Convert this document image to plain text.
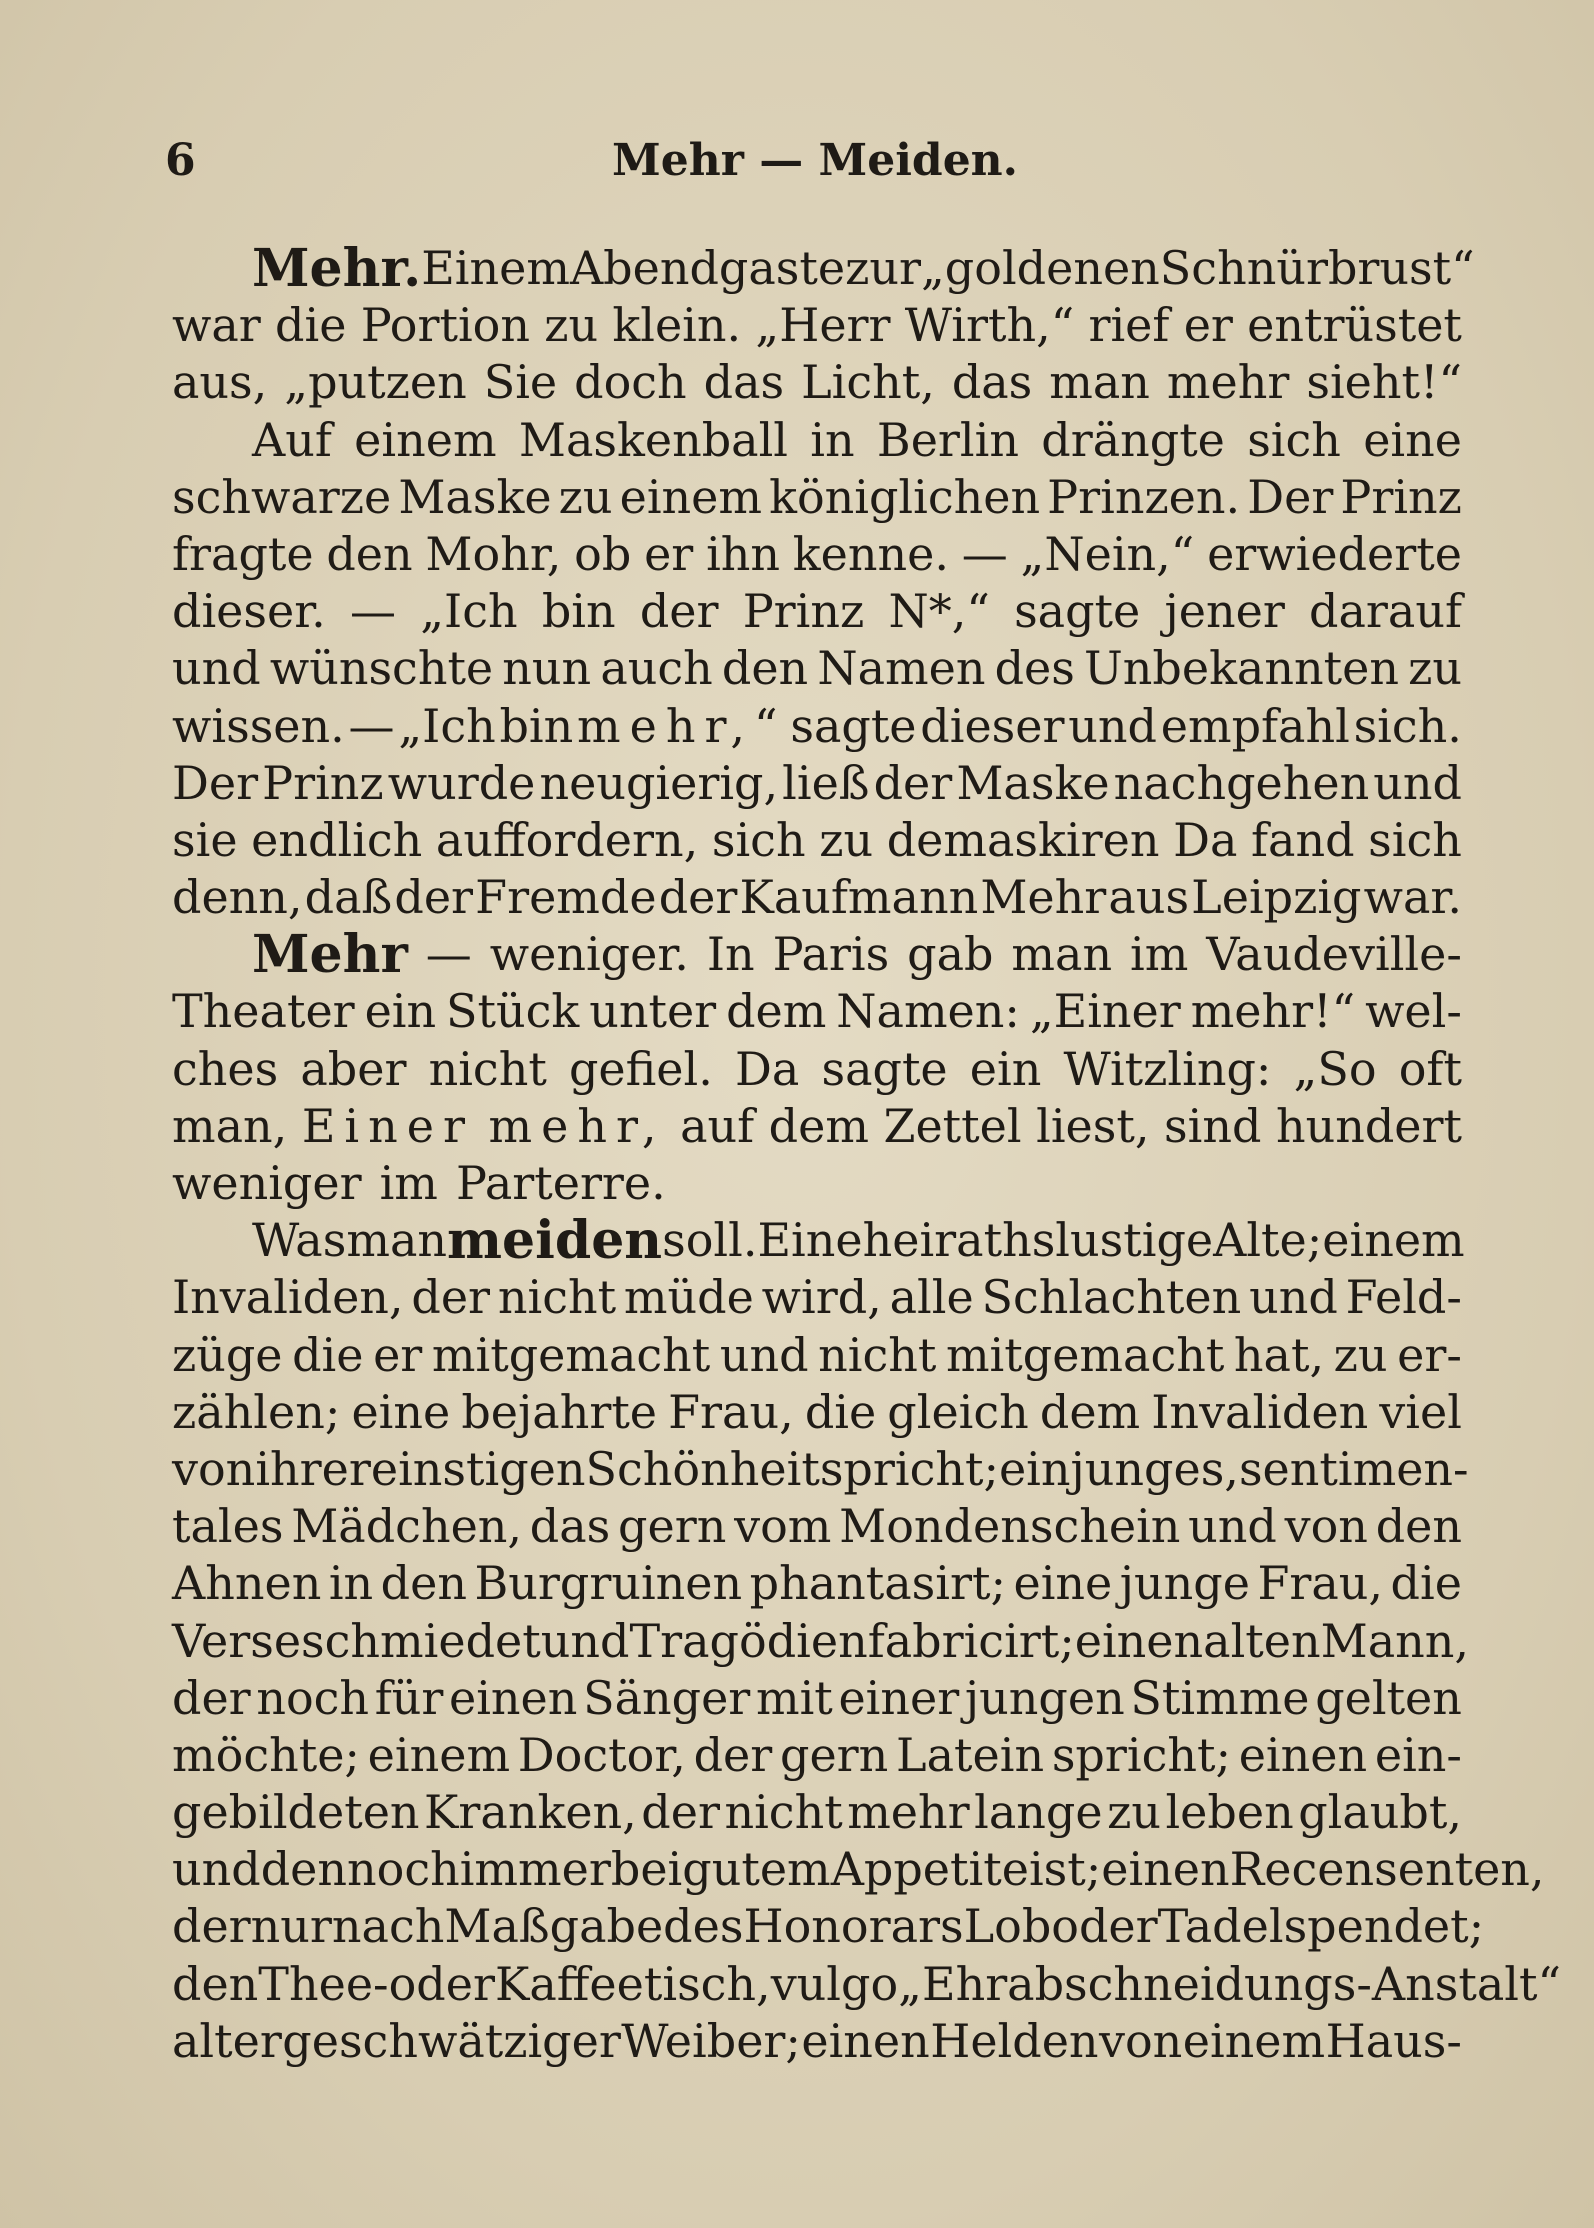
6	Mehr — Meiden.
Mehr. Einem Abendgaste zur „goldenen Schnürbrust“
war die Portion zu klein. „Herr Wirth,“ rief er entrüstet
aus, „putzen Sie doch das Licht, das man mehr sieht!“
Auf einem Maskenball in Berlin drängte sich eine
schwarze Maske zu einem königlichen Prinzen. Der Prinz
fragte den Mohr, ob er ihn kenne. — „Nein,“ erwiederte
dieser. — „Ich bin der Prinz N*,“ sagte jener darauf
und wünschte nun auch den Namen des Unbekannten zu
wissen. — „Ich bin mehr,“ sagte dieser und empfahl sich.
Der Prinz wurde neugierig, ließ der Maske nachgehen und
sie endlich auffordern, sich zu demaskiren Da fand sich
denn, daß der Fremde der Kaufmann Mehr aus Leipzig war.
Mehr — weniger. In Paris gab man im Vaudeville-
Theater ein Stück unter dem Namen: „Einer mehr!“ wel-
ches aber nicht gefiel. Da sagte ein Witzling: „So oft
man, Einer mehr, auf dem Zettel liest, sind hundert
weniger im Parterre.
Was man meiden soll. Eine heirathslustige Alte; einem
Invaliden, der nicht müde wird, alle Schlachten und Feld-
züge die er mitgemacht und nicht mitgemacht hat, zu er-
zählen; eine bejahrte Frau, die gleich dem Invaliden viel
von ihrer einstigen Schönheit spricht; ein junges, sentimen-
tales Mädchen, das gern vom Mondenschein und von den
Ahnen in den Burgruinen phantasirt; eine junge Frau, die
Verse schmiedet und Tragödien fabricirt; einen alten Mann,
der noch für einen Sänger mit einer jungen Stimme gelten
möchte; einem Doctor, der gern Latein spricht; einen ein-
gebildeten Kranken, der nicht mehr lange zu leben glaubt,
und dennoch immer bei gutem Appetite ist; einen Recensenten,
der nur nach Maßgabe des Honorars Lob oder Tadel spendet;
den Thee- oder Kaffeetisch, vulgo „Ehrabschneidungs-Anstalt“
alter geschwätziger Weiber; einen Helden von einem Haus-
